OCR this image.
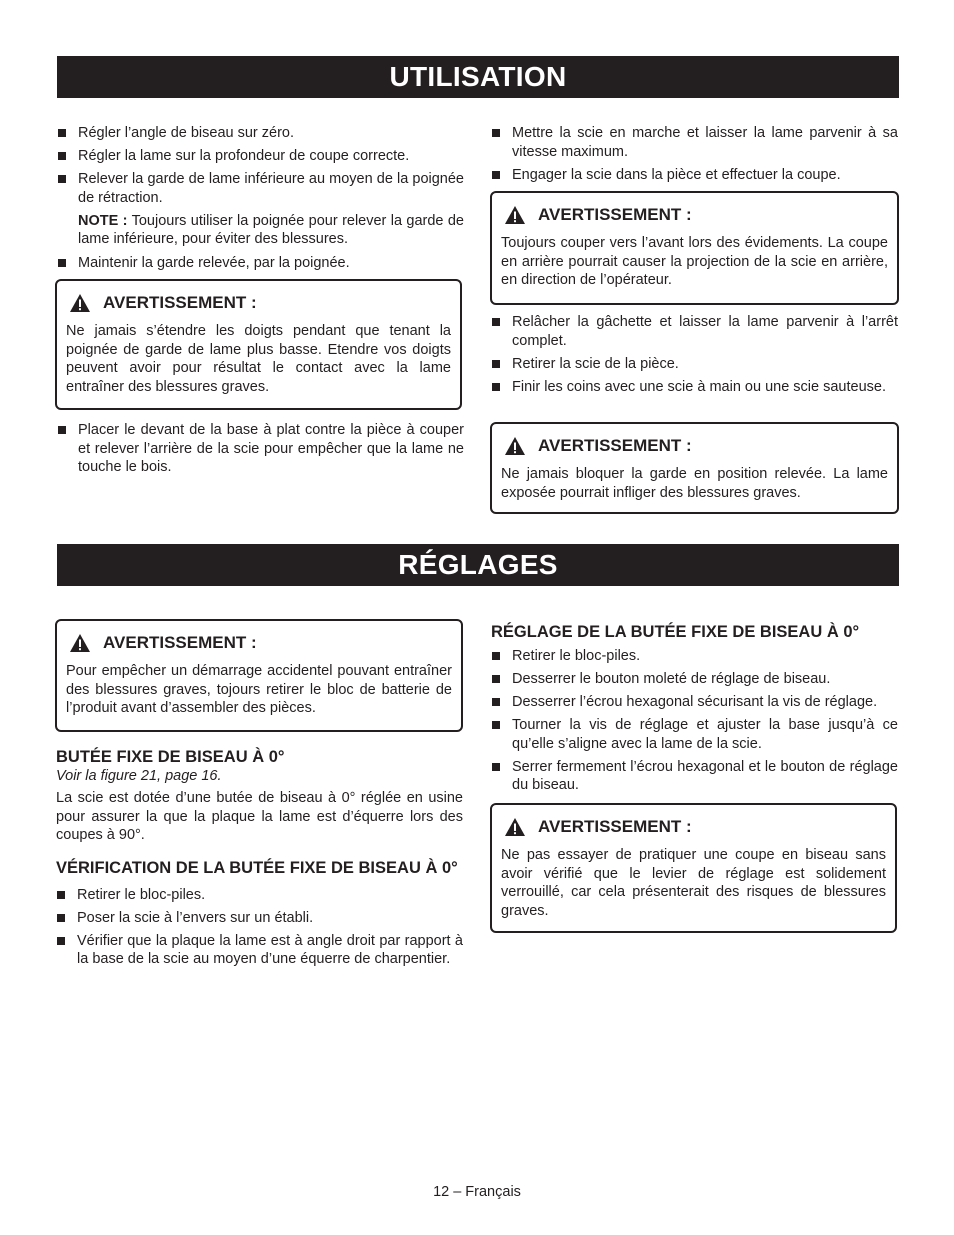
UTILISATION
RÉGLAGES
Régler l’angle de biseau sur zéro.
Régler la lame sur la profondeur de coupe correcte.
Relever la garde de lame inférieure au moyen de la poignée de rétraction.
NOTE : Toujours utiliser la poignée pour relever la garde de lame inférieure, pour éviter des blessures.
Maintenir la garde relevée, par la poignée.
AVERTISSEMENT :
Ne jamais s’étendre les doigts pendant que tenant la poignée de garde de lame plus basse. Etendre vos doigts peuvent avoir pour résultat le contact avec la lame entraîner des blessures graves.
Placer le devant de la base à plat contre la pièce à couper et relever l’arrière de la scie pour empêcher que la lame ne touche le bois.
Mettre la scie en marche et laisser la lame parvenir à sa vitesse maximum.
Engager la scie dans la pièce et effectuer la coupe.
AVERTISSEMENT :
Toujours couper vers l’avant lors des évidements. La coupe en arrière pourrait causer la projection de la scie en arrière, en direction de l’opérateur.
Relâcher la gâchette et laisser la lame parvenir à l’arrêt complet.
Retirer la scie de la pièce.
Finir les coins avec une scie à main ou une scie sauteuse.
AVERTISSEMENT :
Ne jamais bloquer la garde en position relevée. La lame exposée pourrait infliger des blessures graves.
AVERTISSEMENT :
Pour empêcher un démarrage accidentel pouvant entraîner des blessures graves, tojours retirer le bloc de batterie de l’produit avant d’assembler des pièces.
BUTÉE FIXE DE BISEAU À 0°
Voir la figure 21, page 16.
La scie est dotée d’une butée de biseau à 0° réglée en usine pour assurer la que la plaque la lame est d’équerre lors des coupes à 90°.
VÉRIFICATION DE LA BUTÉE FIXE DE BISEAU À 0°
Retirer le bloc-piles.
Poser la scie à l’envers sur un établi.
Vérifier que la plaque la lame est à angle droit par rapport à la base de la scie au moyen d’une équerre de charpentier.
RÉGLAGE DE LA BUTÉE FIXE DE BISEAU À 0°
Retirer le bloc-piles.
Desserrer le bouton moleté de réglage de biseau.
Desserrer l’écrou hexagonal sécurisant la vis de réglage.
Tourner la vis de réglage et ajuster la base jusqu’à ce qu’elle s’aligne avec la lame de la scie.
Serrer fermement l’écrou hexagonal et le bouton de réglage du biseau.
AVERTISSEMENT :
Ne pas essayer de pratiquer une coupe en biseau sans avoir vérifié que le levier de réglage est solidement verrouillé, car cela présenterait des risques de blessures graves.
12 – Français
